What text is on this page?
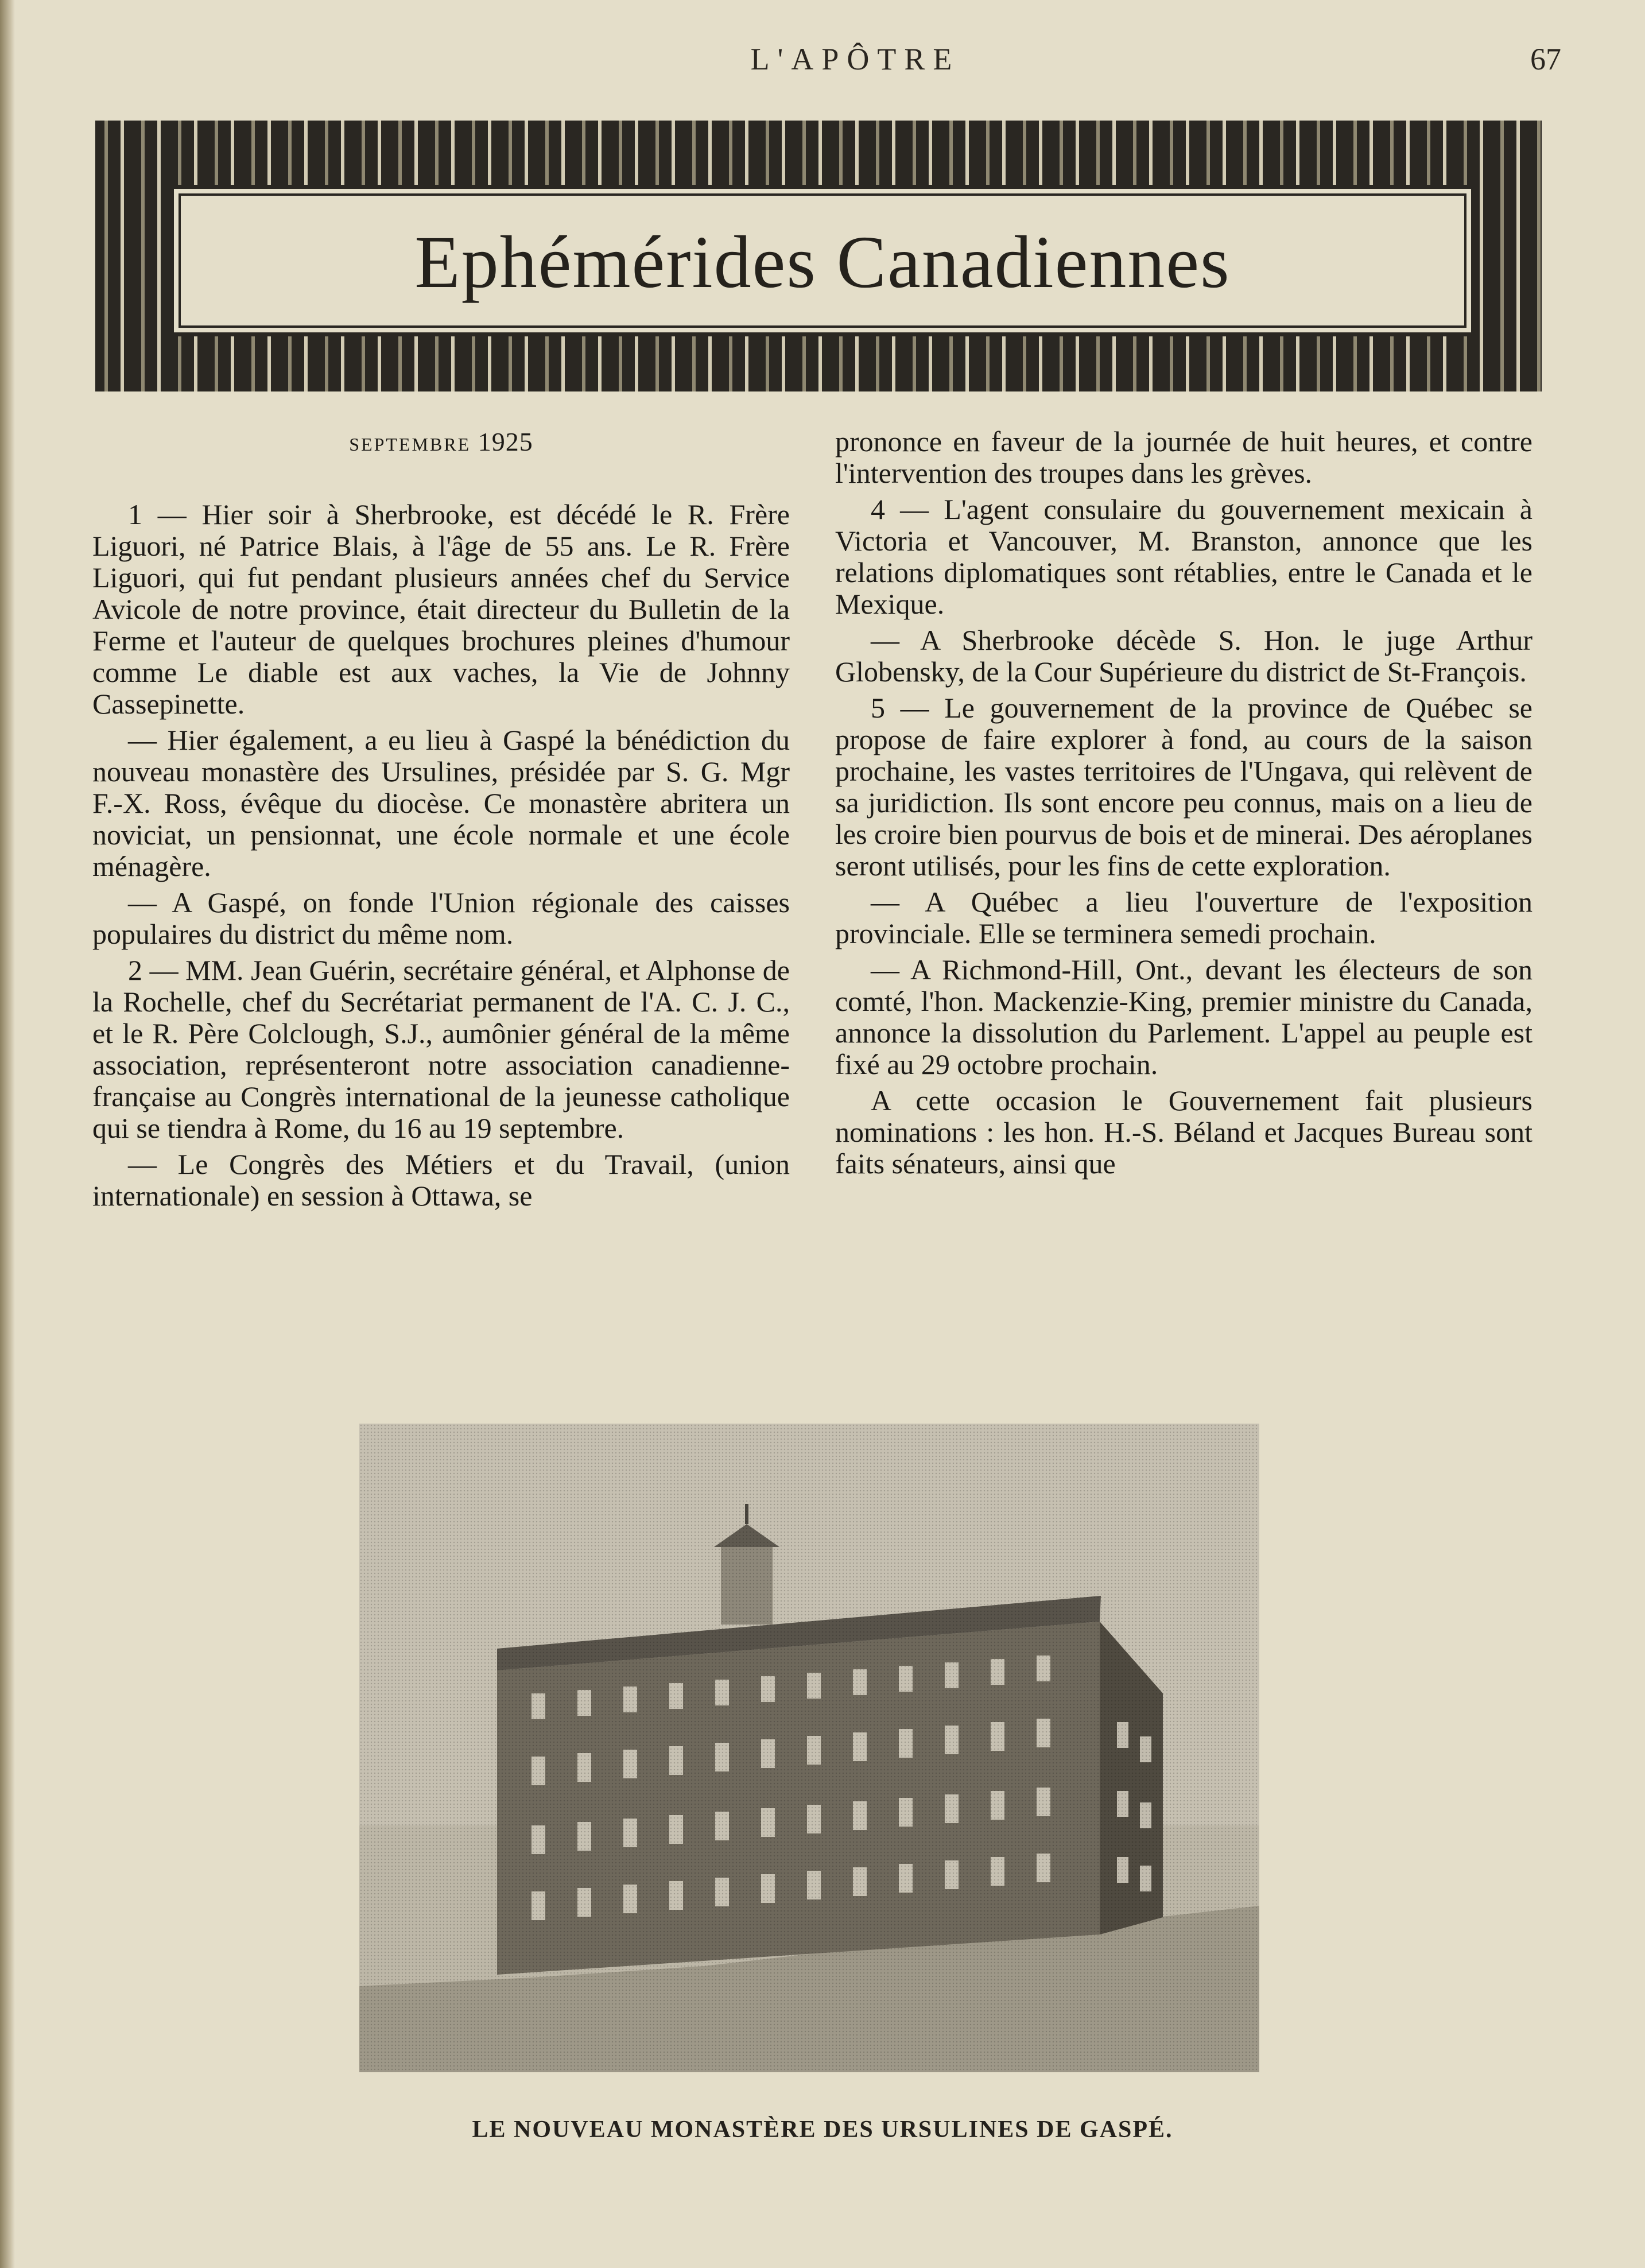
L'APÔTRE	67
Ephémérides Canadiennes
septembre 1925

1 — Hier soir à Sherbrooke, est décédé le R. Frère Liguori, né Patrice Blais, à l'âge de 55 ans. Le R. Frère Liguori, qui fut pendant plusieurs années chef du Service Avicole de notre province, était directeur du Bulletin de la Ferme et l'auteur de quelques brochures pleines d'humour comme Le diable est aux vaches, la Vie de Johnny Cassepinette.

— Hier également, a eu lieu à Gaspé la bénédiction du nouveau monastère des Ursulines, présidée par S. G. Mgr F.-X. Ross, évêque du diocèse. Ce monastère abritera un noviciat, un pensionnat, une école normale et une école ménagère.

— A Gaspé, on fonde l'Union régionale des caisses populaires du district du même nom.

2 — MM. Jean Guérin, secrétaire général, et Alphonse de la Rochelle, chef du Secrétariat permanent de l'A. C. J. C., et le R. Père Colclough, S.J., aumônier général de la même association, représenteront notre association canadienne-française au Congrès international de la jeunesse catholique qui se tiendra à Rome, du 16 au 19 septembre.

— Le Congrès des Métiers et du Travail, (union internationale) en session à Ottawa, se

prononce en faveur de la journée de huit heures, et contre l'intervention des troupes dans les grèves.

4 — L'agent consulaire du gouvernement mexicain à Victoria et Vancouver, M. Branston, annonce que les relations diplomatiques sont rétablies, entre le Canada et le Mexique.

— A Sherbrooke décède S. Hon. le juge Arthur Globensky, de la Cour Supérieure du district de St-François.

5 — Le gouvernement de la province de Québec se propose de faire explorer à fond, au cours de la saison prochaine, les vastes territoires de l'Ungava, qui relèvent de sa juridiction. Ils sont encore peu connus, mais on a lieu de les croire bien pourvus de bois et de minerai. Des aéroplanes seront utilisés, pour les fins de cette exploration.

— A Québec a lieu l'ouverture de l'exposition provinciale. Elle se terminera semedi prochain.

— A Richmond-Hill, Ont., devant les électeurs de son comté, l'hon. Mackenzie-King, premier ministre du Canada, annonce la dissolution du Parlement. L'appel au peuple est fixé au 29 octobre prochain.

A cette occasion le Gouvernement fait plusieurs nominations : les hon. H.-S. Béland et Jacques Bureau sont faits sénateurs, ainsi que

LE NOUVEAU MONASTÈRE DES URSULINES DE GASPÉ.
